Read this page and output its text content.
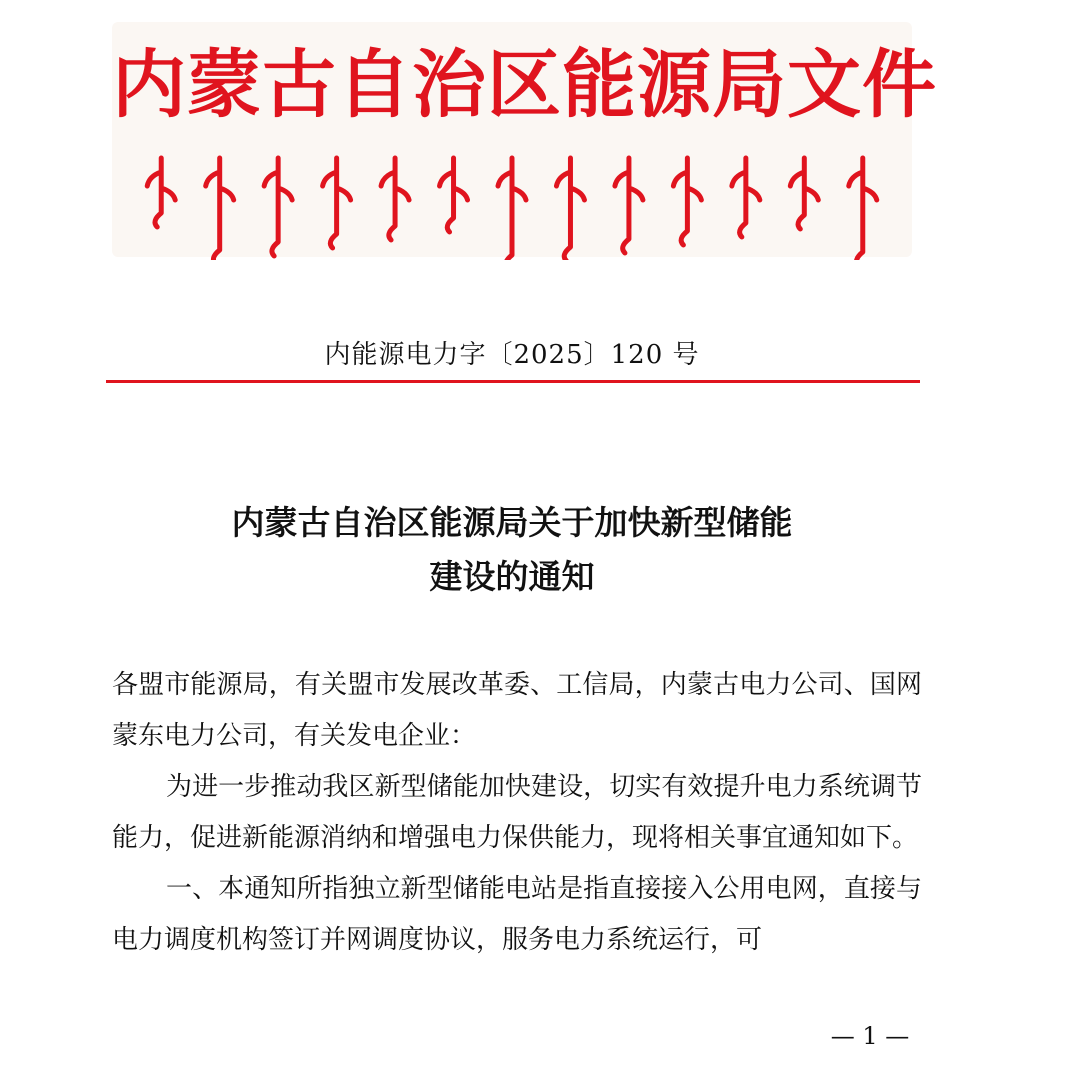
内蒙古自治区能源局文件
内能源电力字〔2025〕120 号
内蒙古自治区能源局关于加快新型储能
建设的通知

各盟市能源局，有关盟市发展改革委、工信局，内蒙古电力公司、国网蒙东电力公司，有关发电企业：

为进一步推动我区新型储能加快建设，切实有效提升电力系统调节能力，促进新能源消纳和增强电力保供能力，现将相关事宜通知如下。

一、本通知所指独立新型储能电站是指直接接入公用电网，直接与电力调度机构签订并网调度协议，服务电力系统运行，可

— 1 —
